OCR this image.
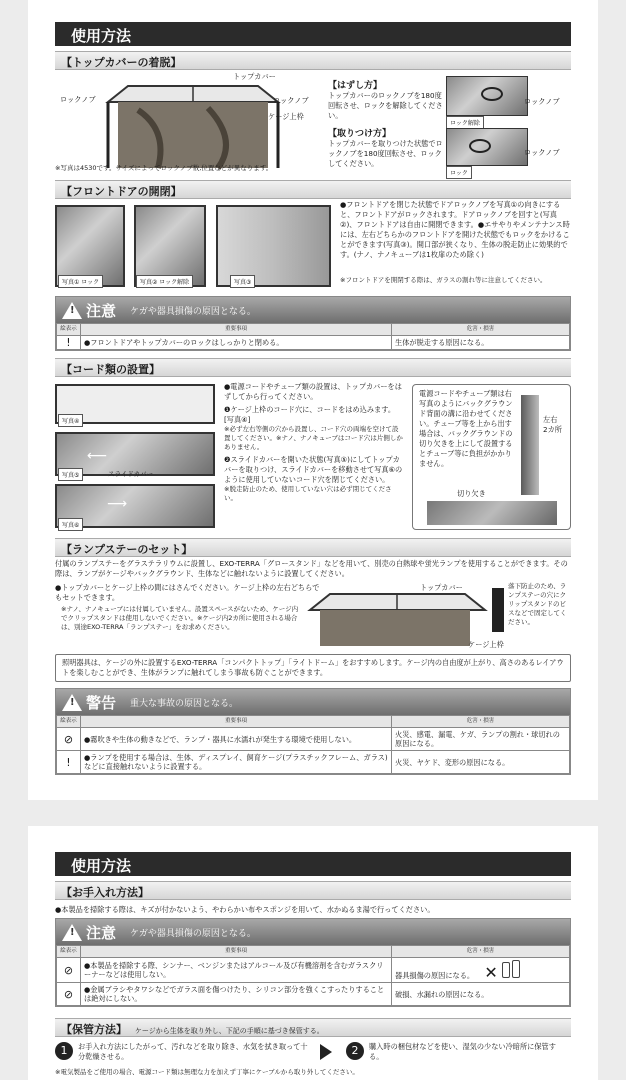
使用方法
【トップカバーの着脱】
トップカバー
ロックノブ	ロックノブ
ケージ上枠
※写真は4530です。サイズによってロックノブ数,位置などが異なります。
【はずし方】
トップカバーのロックノブを180度回転させ、ロックを解除してください。
【取りつけ方】
トップカバーを取りつけた状態でロックノブを180度回転させ、ロックしてください。
ロックノブ
ロック解除
ロックノブ
ロック
【フロントドアの開閉】
写真① ロック	写真② ロック解除	写真③
●フロントドアを閉じた状態でドアロックノブを写真①の向きにすると、フロントドアがロックされます。ドアロックノブを回すと(写真②)、フロントドアは自由に開閉できます。●エサやりやメンテナンス時には、左右どちらかのフロントドアを開けた状態でもロックをかけることができます(写真③)。開口部が狭くなり、生体の脱走防止に効果的です。(ナノ、ナノキューブは1枚扉のため除く)
※フロントドアを開閉する際は、ガラスの割れ等に注意してください。
! 注意 ケガや器具損傷の原因となる。
絵表示	重要事項	危害・損害
!	●フロントドアやトップカバーのロックはしっかりと閉める。	生体が脱走する原因になる。
【コード類の設置】
写真④
⟵
写真⑤	スライドカバー
⟶
写真⑥
●電源コードやチューブ類の設置は、トップカバーをはずしてから行ってください。
❶ケージ上枠のコード穴に、コードをはめ込みます。[写真④]
※必ず左右等側の穴から設置し、コード穴の両端を空けて設置してください。※ナノ、ナノキューブはコード穴は片側しかありません。
❷スライドカバーを開いた状態(写真⑤)にしてトップカバーを取りつけ、スライドカバーを移動させて写真⑥のように使用していないコード穴を閉じてください。
※脱走防止のため、使用していない穴は必ず閉じてください。
電源コードやチューブ類は右写真のようにバックグラウンド背面の溝に沿わせてください。チューブ等を上から出す場合は、バックグラウンドの切り欠きを上にして設置するとチューブ等に負担がかかりません。
左右
2カ所
切り欠き
【ランプステーのセット】
付属のランプステーをグラステラリウムに設置し、EXO-TERRA「グロースタンド」などを用いて、別売の白熱球や蛍光ランプを使用することができます。その際は、ランプがケージやバックグラウンド、生体などに触れないように設置してください。
●トップカバーとケージ上枠の間にはさんでください。ケージ上枠の左右どちらでもセットできます。
※ナノ、ナノキューブには付属していません。設置スペースがないため、ケージ内でクリップスタンドは使用しないでください。※ケージ内2カ所に使用される場合は、別途EXO-TERRA「ランプステー」をお求めください。
トップカバー
ケージ上枠
落下防止のため、ランプステーの穴にクリップスタンドのビスなどで固定してください。
照明器具は、ケージの外に設置するEXO-TERRA「コンパクトトップ」「ライトドーム」をおすすめします。ケージ内の自由度が上がり、高さのあるレイアウトを楽しむことができ、生体がランプに触れてしまう事故も防ぐことができます。
! 警告 重大な事故の原因となる。
絵表示	重要事項	危害・損害
⊘	●霧吹きや生体の動きなどで、ランプ・器具に水濡れが発生する環境で使用しない。	火災、感電、漏電、ケガ、ランプの割れ・球切れの原因になる。
!	●ランプを使用する場合は、生体、ディスプレイ、飼育ケージ(プラスチックフレーム、ガラス)などに直接触れないように設置する。	火災、ヤケド、変形の原因になる。
使用方法
【お手入れ方法】
●本製品を掃除する際は、キズが付かないよう、やわらかい布やスポンジを用いて、水かぬるま湯で行ってください。
! 注意 ケガや器具損傷の原因となる。
絵表示	重要事項	危害・損害
⊘	●本製品を掃除する際、シンナー、ベンジンまたはアルコール及び有機溶剤を含むガラスクリーナーなどは使用しない。	器具損傷の原因になる。 ✕
⊘	●金属ブラシやタワシなどでガラス面を傷つけたり、シリコン部分を強くこすったりすることは絶対にしない。	破損、水漏れの原因になる。
【保管方法】 ケージから生体を取り外し、下記の手順に基づき保管する。
1	お手入れ方法にしたがって、汚れなどを取り除き、水気を拭き取って十分乾燥させる。	2	購入時の梱包材などを使い、湿気の少ない冷暗所に保管する。
※電気製品をご使用の場合、電源コード類は無理な力を加えず丁寧にケーブルから取り外してください。
